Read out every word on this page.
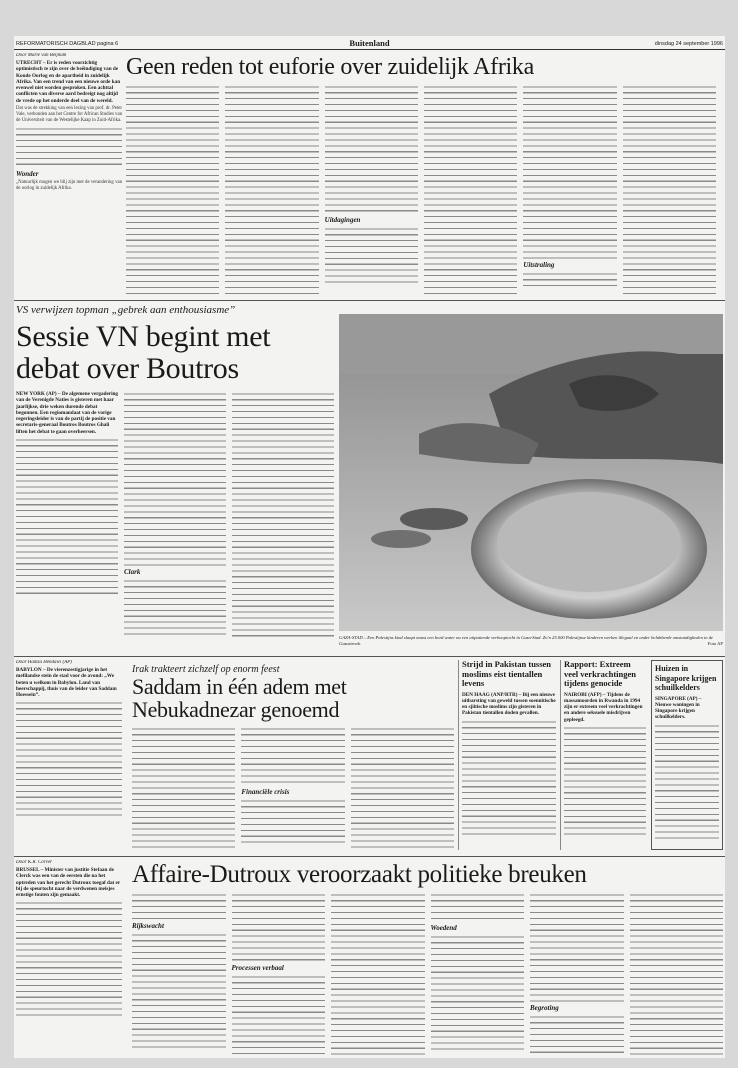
REFORMATORISCH DAGBLAD pagina 6	Buitenland	dinsdag 24 september 1996
Door Marie van Beijnum
UTRECHT – Er is reden voorzichtig optimistisch te zijn over de beëindiging van de Koude Oorlog en de apartheid in zuidelijk Afrika. Van een trend van een nieuwe orde kan evenwel niet worden gesproken. Een achttal conflicten van diverse aard bedreigt nog altijd de vrede op het onderde deel van de wereld.
Dat was de strekking van een lezing van prof. dr. Peter Vale, verbonden aan het Centre for African Studies van de Universiteit van de Westelijke Kaap in Zuid-Afrika.
Wonder
„Natuurlijk mogen we blij zijn met de verandering van de oorlog in zuidelijk Afrika.
Geen reden tot euforie over zuidelijk Afrika
Uitdagingen
Uitstraling
VS verwijzen topman „gebrek aan enthousiasme”
Sessie VN begint met
debat over Boutros
NEW YORK (AP) – De algemene vergadering van de Verenigde Naties is gisteren met haar jaarlijkse, drie weken durende debat begonnen. Een regiomandaat van de vorige regeringsleider is van de partij de positie van secretaris-generaal Boutros Boutros Ghali liften het debat te gaan overheersen.
Clark
GAZA-STAD – Een Palestijns kind slaapt naast een bord water na een uitputtende verkooptocht in Gaza-Stad. Zo'n 25.000 Palestijnse kinderen werken illegaal en onder belabberde omstandigheden in de Gazastrook.	Foto AP
Door Hamza Hendawi (AP)
BABYLON – De vierenzestigjarige in het mefilandse stein de stad voor de avond: „We beten u welkom in Babylon. Land van heerschappij, thuis van de leider van Saddam Hoessein”.
Irak trakteert zichzelf op enorm feest
Saddam in één adem met
Nebukadnezar genoemd
Financiële crisis
Strijd in Pakistan tussen moslims eist tientallen levens
DEN HAAG (ANP/RTR) – Bij een nieuwe uitbarsting van geweld tussen soennitische en sjiitische moslims zijn gisteren in Pakistan tientallen doden gevallen.
Rapport: Extreem veel verkrachtingen tijdens genocide
NAIROBI (AFP) – Tijdens de massamoorden in Rwanda in 1994 zijn er extreem veel verkrachtingen en andere seksuele misdrijven gepleegd.
Huizen in Singapore krijgen schuilkelders
SINGAPORE (AP) – Nieuwe woningen in Singapore krijgen schuilkelders.
Door K.R. Corver
BRUSSEL – Minister van justitie Stefaan de Clerck was een van de eersten die na het optreden van het gerecht Dutroux toegaf dat er bij de speurtocht naar de verdwenen meisjes ernstige fouten zijn gemaakt.
Affaire-Dutroux veroorzaakt politieke breuken
Rijkswacht
Processen verbaal
Woedend
Begroting
